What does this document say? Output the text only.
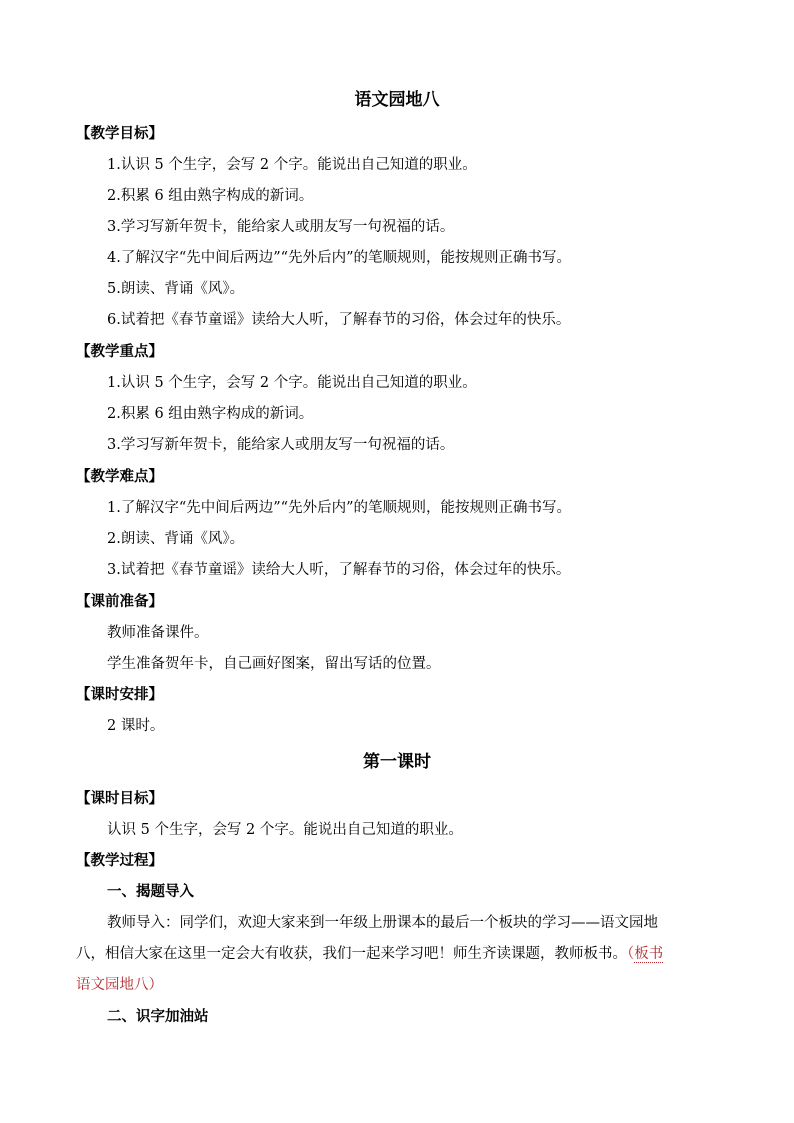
语文园地八
【教学目标】
1.认识 5 个生字，会写 2 个字。能说出自己知道的职业。
2.积累 6 组由熟字构成的新词。
3.学习写新年贺卡，能给家人或朋友写一句祝福的话。
4.了解汉字“先中间后两边”“先外后内”的笔顺规则，能按规则正确书写。
5.朗读、背诵《风》。
6.试着把《春节童谣》读给大人听，了解春节的习俗，体会过年的快乐。
【教学重点】
1.认识 5 个生字，会写 2 个字。能说出自己知道的职业。
2.积累 6 组由熟字构成的新词。
3.学习写新年贺卡，能给家人或朋友写一句祝福的话。
【教学难点】
1.了解汉字“先中间后两边”“先外后内”的笔顺规则，能按规则正确书写。
2.朗读、背诵《风》。
3.试着把《春节童谣》读给大人听，了解春节的习俗，体会过年的快乐。
【课前准备】
教师准备课件。
学生准备贺年卡，自己画好图案，留出写话的位置。
【课时安排】
2 课时。
第一课时
【课时目标】
认识 5 个生字，会写 2 个字。能说出自己知道的职业。
【教学过程】
一、揭题导入
教师导入：同学们，欢迎大家来到一年级上册课本的最后一个板块的学习——语文园地
八，相信大家在这里一定会大有收获，我们一起来学习吧！师生齐读课题，教师板书。（板书
语文园地八）
二、识字加油站
